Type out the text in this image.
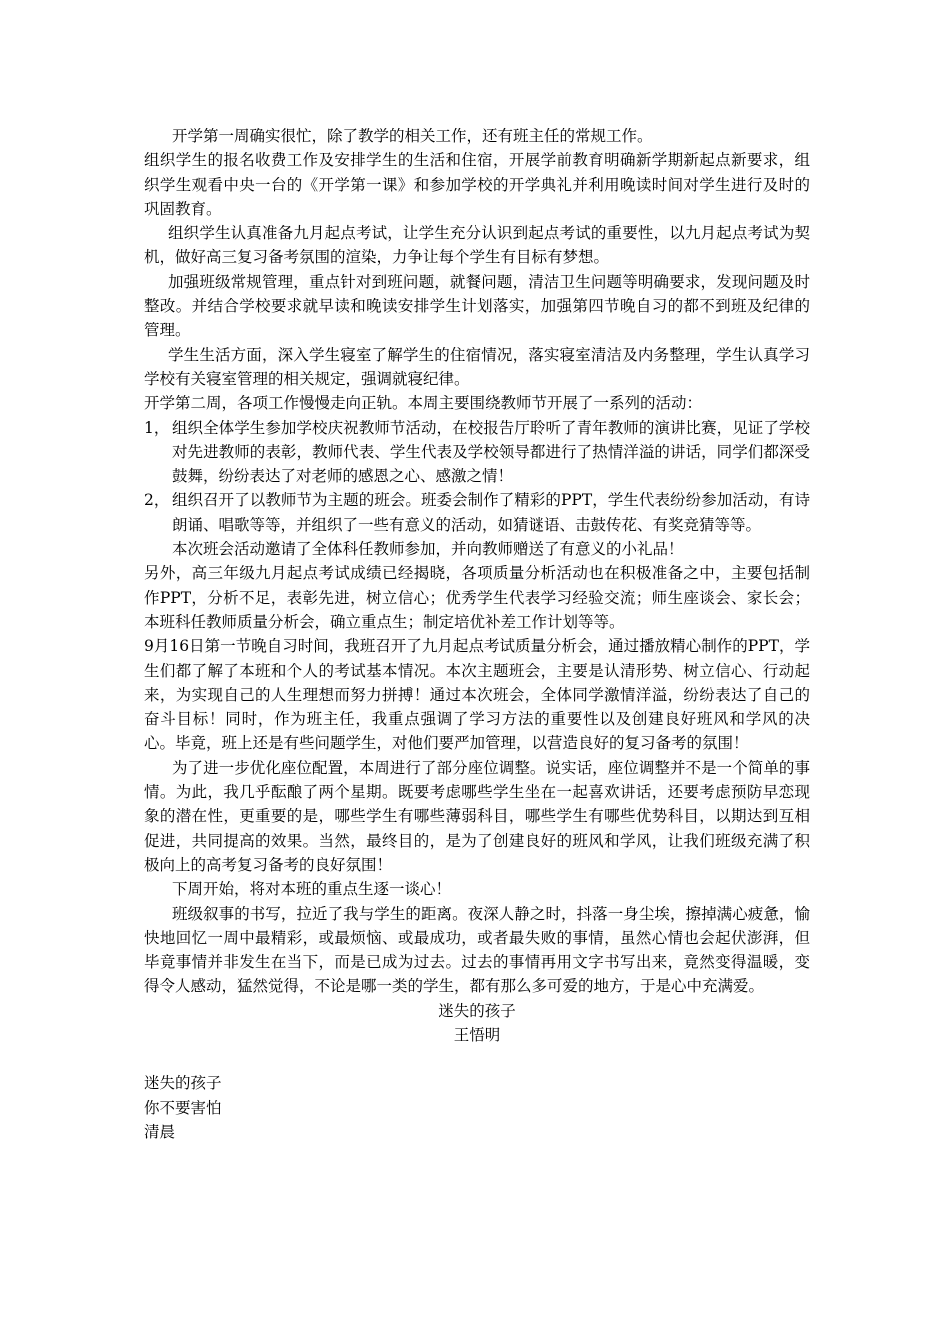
开学第一周确实很忙，除了教学的相关工作，还有班主任的常规工作。

组织学生的报名收费工作及安排学生的生活和住宿，开展学前教育明确新学期新起点新要求，组织学生观看中央一台的《开学第一课》和参加学校的开学典礼并利用晚读时间对学生进行及时的巩固教育。

组织学生认真准备九月起点考试，让学生充分认识到起点考试的重要性，以九月起点考试为契机，做好高三复习备考氛围的渲染，力争让每个学生有目标有梦想。

加强班级常规管理，重点针对到班问题，就餐问题，清洁卫生问题等明确要求，发现问题及时整改。并结合学校要求就早读和晚读安排学生计划落实，加强第四节晚自习的都不到班及纪律的管理。

学生生活方面，深入学生寝室了解学生的住宿情况，落实寝室清洁及内务整理，学生认真学习学校有关寝室管理的相关规定，强调就寝纪律。

开学第二周，各项工作慢慢走向正轨。本周主要围绕教师节开展了一系列的活动：

1， 组织全体学生参加学校庆祝教师节活动，在校报告厅聆听了青年教师的演讲比赛，见证了学校对先进教师的表彰，教师代表、学生代表及学校领导都进行了热情洋溢的讲话，同学们都深受鼓舞，纷纷表达了对老师的感恩之心、感激之情！
2， 组织召开了以教师节为主题的班会。班委会制作了精彩的PPT，学生代表纷纷参加活动，有诗朗诵、唱歌等等，并组织了一些有意义的活动，如猜谜语、击鼓传花、有奖竞猜等等。

本次班会活动邀请了全体科任教师参加，并向教师赠送了有意义的小礼品！

另外，高三年级九月起点考试成绩已经揭晓，各项质量分析活动也在积极准备之中，主要包括制作PPT，分析不足，表彰先进，树立信心；优秀学生代表学习经验交流；师生座谈会、家长会；本班科任教师质量分析会，确立重点生；制定培优补差工作计划等等。

9月16日第一节晚自习时间，我班召开了九月起点考试质量分析会，通过播放精心制作的PPT，学生们都了解了本班和个人的考试基本情况。本次主题班会，主要是认清形势、树立信心、行动起来，为实现自己的人生理想而努力拼搏！通过本次班会，全体同学激情洋溢，纷纷表达了自己的奋斗目标！同时，作为班主任，我重点强调了学习方法的重要性以及创建良好班风和学风的决心。毕竟，班上还是有些问题学生，对他们要严加管理，以营造良好的复习备考的氛围！

为了进一步优化座位配置，本周进行了部分座位调整。说实话，座位调整并不是一个简单的事情。为此，我几乎酝酿了两个星期。既要考虑哪些学生坐在一起喜欢讲话，还要考虑预防早恋现象的潜在性，更重要的是，哪些学生有哪些薄弱科目，哪些学生有哪些优势科目，以期达到互相促进，共同提高的效果。当然，最终目的，是为了创建良好的班风和学风，让我们班级充满了积极向上的高考复习备考的良好氛围！

下周开始，将对本班的重点生逐一谈心！

班级叙事的书写，拉近了我与学生的距离。夜深人静之时，抖落一身尘埃，擦掉满心疲惫，愉快地回忆一周中最精彩，或最烦恼、或最成功，或者最失败的事情，虽然心情也会起伏澎湃，但毕竟事情并非发生在当下，而是已成为过去。过去的事情再用文字书写出来，竟然变得温暖，变得令人感动，猛然觉得，不论是哪一类的学生，都有那么多可爱的地方，于是心中充满爱。

迷失的孩子

王悟明

迷失的孩子

你不要害怕

清晨
